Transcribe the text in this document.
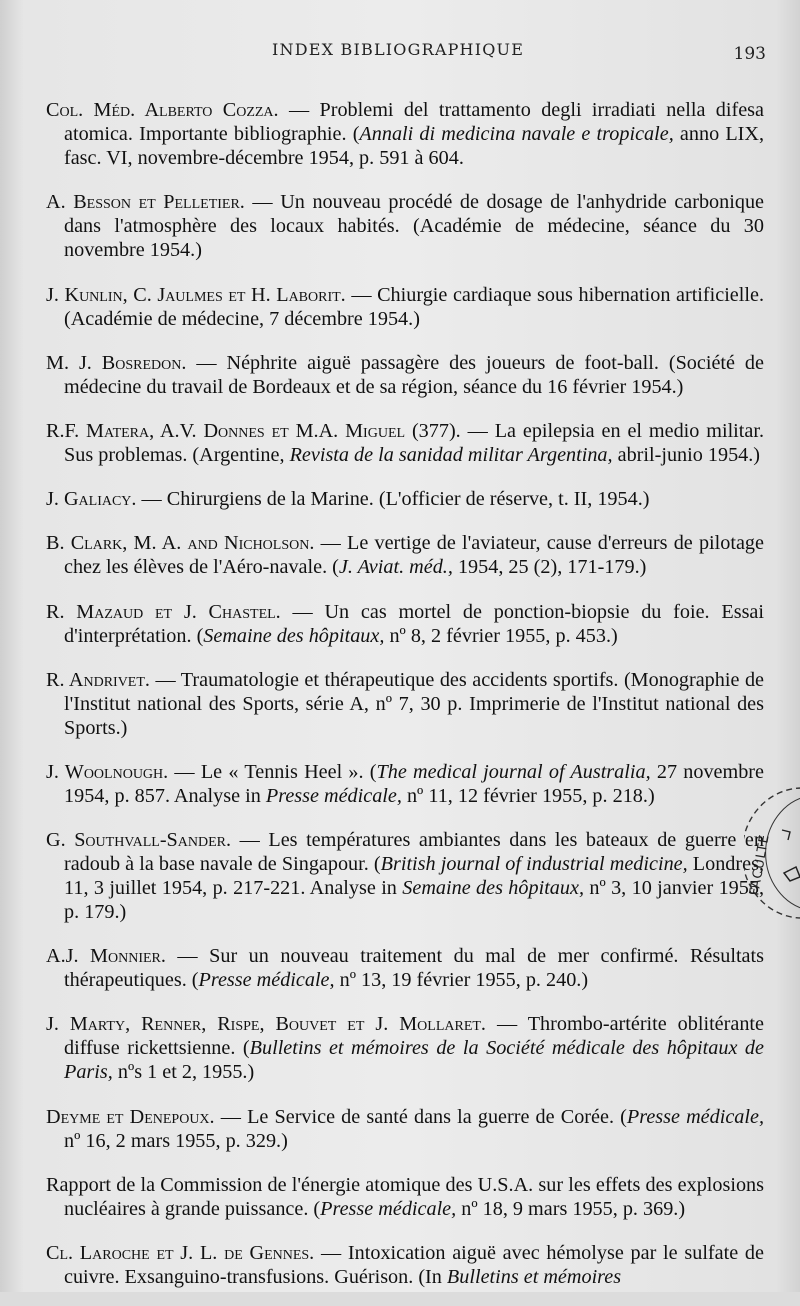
INDEX BIBLIOGRAPHIQUE	193

Col. Méd. Alberto Cozza. — Problemi del trattamento degli irradiati nella difesa atomica. Importante bibliographie. (Annali di medicina navale e tropicale, anno LIX, fasc. VI, novembre-décembre 1954, p. 591 à 604.

A. Besson et Pelletier. — Un nouveau procédé de dosage de l'anhydride carbonique dans l'atmosphère des locaux habités. (Académie de médecine, séance du 30 novembre 1954.)

J. Kunlin, C. Jaulmes et H. Laborit. — Chiurgie cardiaque sous hibernation artificielle. (Académie de médecine, 7 décembre 1954.)

M. J. Bosredon. — Néphrite aiguë passagère des joueurs de foot-ball. (Société de médecine du travail de Bordeaux et de sa région, séance du 16 février 1954.)

R.F. Matera, A.V. Donnes et M.A. Miguel (377). — La epilepsia en el medio militar. Sus problemas. (Argentine, Revista de la sanidad militar Argentina, abril-junio 1954.)

J. Galiacy. — Chirurgiens de la Marine. (L'officier de réserve, t. II, 1954.)

B. Clark, M. A. and Nicholson. — Le vertige de l'aviateur, cause d'erreurs de pilotage chez les élèves de l'Aéro-navale. (J. Aviat. méd., 1954, 25 (2), 171-179.)

R. Mazaud et J. Chastel. — Un cas mortel de ponction-biopsie du foie. Essai d'interprétation. (Semaine des hôpitaux, nº 8, 2 février 1955, p. 453.)

R. Andrivet. — Traumatologie et thérapeutique des accidents sportifs. (Monographie de l'Institut national des Sports, série A, nº 7, 30 p. Imprimerie de l'Institut national des Sports.)

J. Woolnough. — Le « Tennis Heel ». (The medical journal of Australia, 27 novembre 1954, p. 857. Analyse in Presse médicale, nº 11, 12 février 1955, p. 218.)

G. Southvall-Sander. — Les températures ambiantes dans les bateaux de guerre en radoub à la base navale de Singapour. (British journal of industrial medicine, Londres, 11, 3 juillet 1954, p. 217-221. Analyse in Semaine des hôpitaux, nº 3, 10 janvier 1955, p. 179.)

A.J. Monnier. — Sur un nouveau traitement du mal de mer confirmé. Résultats thérapeutiques. (Presse médicale, nº 13, 19 février 1955, p. 240.)

J. Marty, Renner, Rispe, Bouvet et J. Mollaret. — Thrombo-artérite oblitérante diffuse rickettsienne. (Bulletins et mémoires de la Société médicale des hôpitaux de Paris, nºs 1 et 2, 1955.)

Deyme et Denepoux. — Le Service de santé dans la guerre de Corée. (Presse médicale, nº 16, 2 mars 1955, p. 329.)

Rapport de la Commission de l'énergie atomique des U.S.A. sur les effets des explosions nucléaires à grande puissance. (Presse médicale, nº 18, 9 mars 1955, p. 369.)

Cl. Laroche et J. L. de Gennes. — Intoxication aiguë avec hémolyse par le sulfate de cuivre. Exsanguino-transfusions. Guérison. (In Bulletins et mémoires

FACULTÉ
